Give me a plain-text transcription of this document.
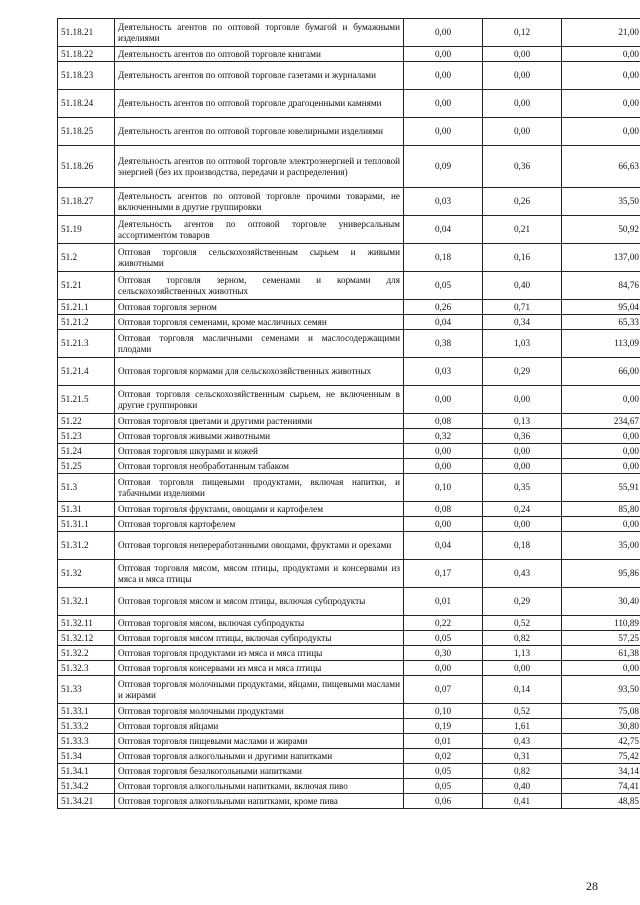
51.18.21	Деятельность агентов по оптовой торговле бумагой и бумажными изделиями	0,00	0,12	21,00
51.18.22	Деятельность агентов по оптовой торговле книгами	0,00	0,00	0,00
51.18.23	Деятельность агентов по оптовой торговле газетами и журналами	0,00	0,00	0,00
51.18.24	Деятельность агентов по оптовой торговле драгоценными камнями	0,00	0,00	0,00
51.18.25	Деятельность агентов по оптовой торговле ювелирными изделиями	0,00	0,00	0,00
51.18.26	Деятельность агентов по оптовой торговле электроэнергией и тепловой энергией (без их производства, передачи и распределения)	0,09	0,36	66,63
51.18.27	Деятельность агентов по оптовой торговле прочими товарами, не включенными в другие группировки	0,03	0,26	35,50
51.19	Деятельность агентов по оптовой торговле универсальным ассортиментом товаров	0,04	0,21	50,92
51.2	Оптовая торговля сельскохозяйственным сырьем и живыми животными	0,18	0,16	137,00
51.21	Оптовая торговля зерном, семенами и кормами для сельскохозяйственных животных	0,05	0,40	84,76
51.21.1	Оптовая торговля зерном	0,26	0,71	95,04
51.21.2	Оптовая торговля семенами, кроме масличных семян	0,04	0,34	65,33
51.21.3	Оптовая торговля масличными семенами и маслосодержащими плодами	0,38	1,03	113,09
51.21.4	Оптовая торговля кормами для сельскохозяйственных животных	0,03	0,29	66,00
51.21.5	Оптовая торговля сельскохозяйственным сырьем, не включенным в другие группировки	0,00	0,00	0,00
51.22	Оптовая торговля цветами и другими растениями	0,08	0,13	234,67
51.23	Оптовая торговля живыми животными	0,32	0,36	0,00
51.24	Оптовая торговля шкурами и кожей	0,00	0,00	0,00
51.25	Оптовая торговля необработанным табаком	0,00	0,00	0,00
51.3	Оптовая торговля пищевыми продуктами, включая напитки, и табачными изделиями	0,10	0,35	55,91
51.31	Оптовая торговля фруктами, овощами и картофелем	0,08	0,24	85,80
51.31.1	Оптовая торговля картофелем	0,00	0,00	0,00
51.31.2	Оптовая торговля непереработанными овощами, фруктами и орехами	0,04	0,18	35,00
51.32	Оптовая торговля мясом, мясом птицы, продуктами и консервами из мяса и мяса птицы	0,17	0,43	95,86
51.32.1	Оптовая торговля мясом и мясом птицы, включая субпродукты	0,01	0,29	30,40
51.32.11	Оптовая торговля мясом, включая субпродукты	0,22	0,52	110,89
51.32.12	Оптовая торговля мясом птицы, включая субпродукты	0,05	0,82	57,25
51.32.2	Оптовая торговля продуктами из мяса и мяса птицы	0,30	1,13	61,38
51.32.3	Оптовая торговля консервами из мяса и мяса птицы	0,00	0,00	0,00
51.33	Оптовая торговля молочными продуктами, яйцами, пищевыми маслами и жирами	0,07	0,14	93,50
51.33.1	Оптовая торговля молочными продуктами	0,10	0,52	75,08
51.33.2	Оптовая торговля яйцами	0,19	1,61	30,80
51.33.3	Оптовая торговля пищевыми маслами и жирами	0,01	0,43	42,75
51.34	Оптовая торговля алкогольными и другими напитками	0,02	0,31	75,42
51.34.1	Оптовая торговля безалкогольными напитками	0,05	0,82	34,14
51.34.2	Оптовая торговля алкогольными напитками, включая пиво	0,05	0,40	74,41
51.34.21	Оптовая торговля алкогольными напитками, кроме пива	0,06	0,41	48,85
28
